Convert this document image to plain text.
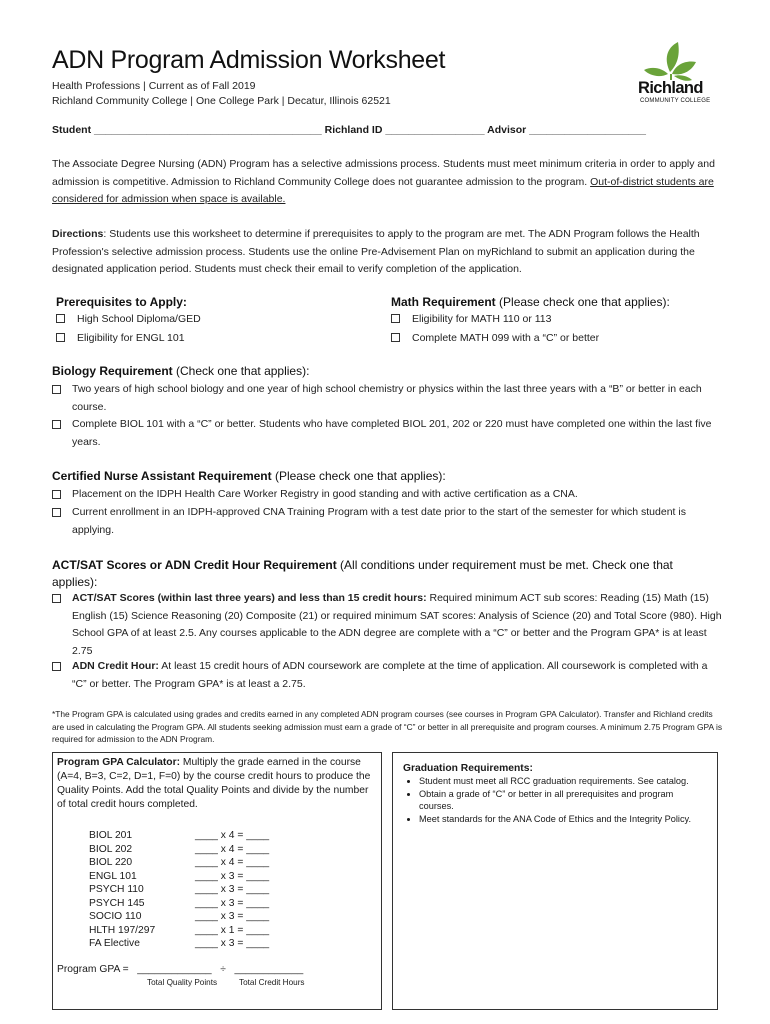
ADN Program Admission Worksheet
Health Professions | Current as of Fall 2019
Richland Community College | One College Park | Decatur, Illinois 62521
Richland
COMMUNITY COLLEGE
Student _______________________________________ Richland ID _________________ Advisor ____________________
The Associate Degree Nursing (ADN) Program has a selective admissions process. Students must meet minimum criteria in order to apply and admission is competitive. Admission to Richland Community College does not guarantee admission to the program. Out-of-district students are considered for admission when space is available.
Directions: Students use this worksheet to determine if prerequisites to apply to the program are met. The ADN Program follows the Health Profession's selective admission process. Students use the online Pre-Advisement Plan on myRichland to submit an application during the designated application period. Students must check their email to verify completion of the application.
Prerequisites to Apply:
High School Diploma/GED
Eligibility for ENGL 101
Math Requirement (Please check one that applies):
Eligibility for MATH 110 or 113
Complete MATH 099 with a “C” or better
Biology Requirement (Check one that applies):
Two years of high school biology and one year of high school chemistry or physics within the last three years with a “B” or better in each course.
Complete BIOL 101 with a “C” or better. Students who have completed BIOL 201, 202 or 220 must have completed one within the last five years.
Certified Nurse Assistant Requirement (Please check one that applies):
Placement on the IDPH Health Care Worker Registry in good standing and with active certification as a CNA.
Current enrollment in an IDPH-approved CNA Training Program with a test date prior to the start of the semester for which student is applying.
ACT/SAT Scores or ADN Credit Hour Requirement (All conditions under requirement must be met. Check one that applies):
ACT/SAT Scores (within last three years) and less than 15 credit hours: Required minimum ACT sub scores: Reading (15) Math (15) English (15) Science Reasoning (20) Composite (21) or required minimum SAT scores: Analysis of Science (20) and Total Score (980). High School GPA of at least 2.5. Any courses applicable to the ADN degree are complete with a “C” or better and the Program GPA* is at least 2.75
ADN Credit Hour: At least 15 credit hours of ADN coursework are complete at the time of application. All coursework is completed with a “C” or better. The Program GPA* is at least a 2.75.
*The Program GPA is calculated using grades and credits earned in any completed ADN program courses (see courses in Program GPA Calculator). Transfer and Richland credits are used in calculating the Program GPA. All students seeking admission must earn a grade of “C” or better in all prerequisite and program courses. A minimum 2.75 Program GPA is required for admission to the ADN Program.
Program GPA Calculator: Multiply the grade earned in the course (A=4, B=3, C=2, D=1, F=0) by the course credit hours to produce the Quality Points. Add the total Quality Points and divide by the number of total credit hours completed.
BIOL 201	____ x 4 = ____
BIOL 202	____ x 4 = ____
BIOL 220	____ x 4 = ____
ENGL 101	____ x 3 = ____
PSYCH 110	____ x 3 = ____
PSYCH 145	____ x 3 = ____
SOCIO 110	____ x 3 = ____
HLTH 197/297	____ x 1 = ____
FA Elective	____ x 3 = ____
Program GPA =   _____________   ÷   ____________
Total Quality Points	Total Credit Hours
Graduation Requirements:
• Student must meet all RCC graduation requirements. See catalog.
• Obtain a grade of “C” or better in all prerequisites and program courses.
• Meet standards for the ANA Code of Ethics and the Integrity Policy.
